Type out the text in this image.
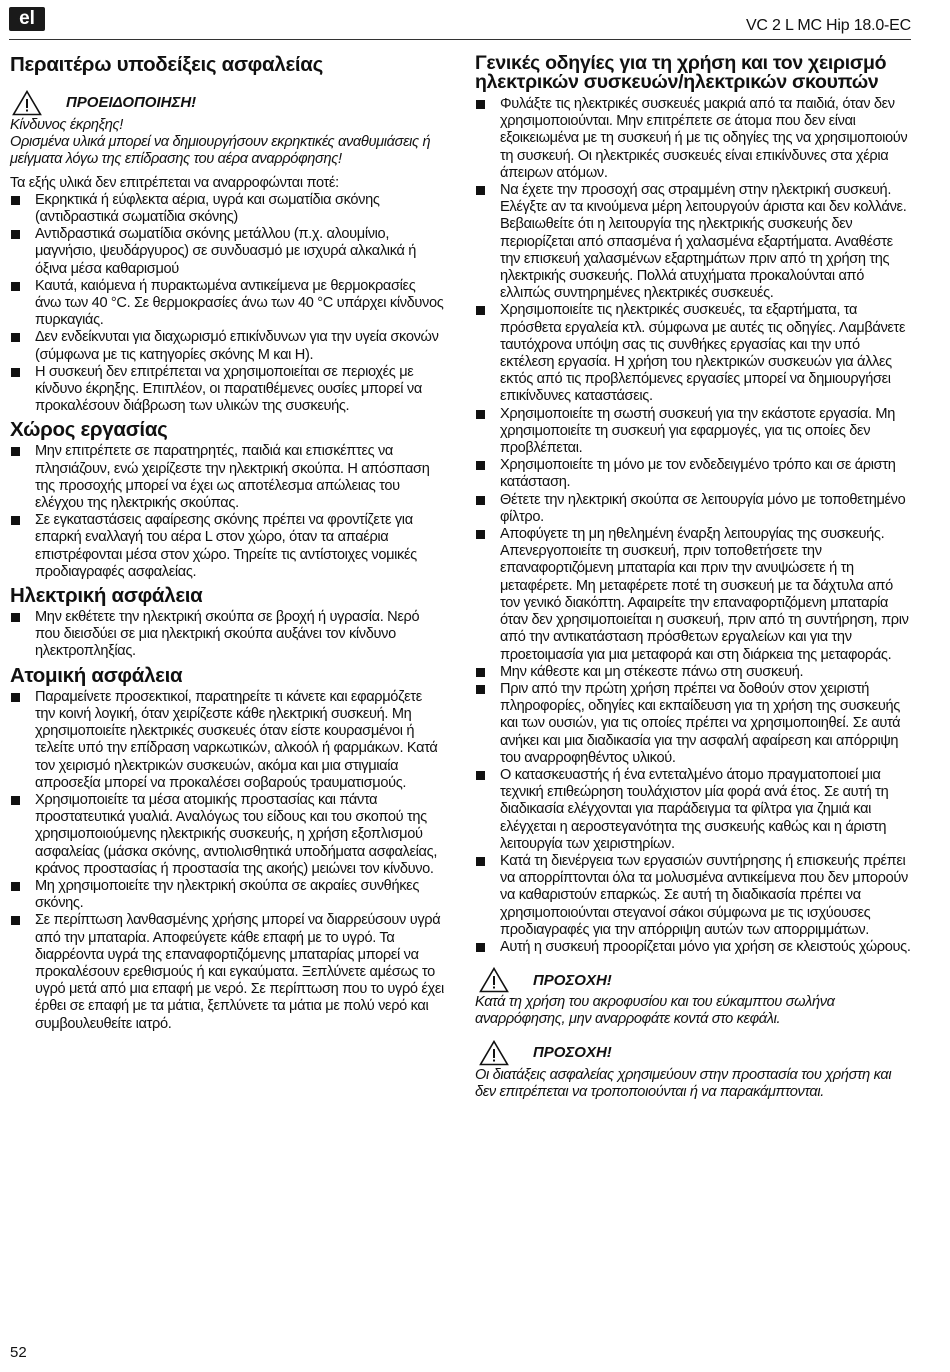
el	VC 2 L MC Hip 18.0-EC
Περαιτέρω υποδείξεις ασφαλείας
ΠΡΟΕΙΔΟΠΟΙΗΣΗ!

Κίνδυνος έκρηξης!

Ορισμένα υλικά μπορεί να δημιουργήσουν εκρηκτικές αναθυμιάσεις ή μείγματα λόγω της επίδρασης του αέρα αναρρόφησης!

Τα εξής υλικά δεν επιτρέπεται να αναρροφώνται ποτέ:

Εκρηκτικά ή εύφλεκτα αέρια, υγρά και σωματίδια σκόνης (αντιδραστικά σωματίδια σκόνης)
Αντιδραστικά σωματίδια σκόνης μετάλλου (π.χ. αλουμίνιο, μαγνήσιο, ψευδάργυρος) σε συνδυασμό με ισχυρά αλκαλικά ή όξινα μέσα καθαρισμού
Καυτά, καιόμενα ή πυρακτωμένα αντικείμενα με θερμοκρασίες άνω των 40 °C. Σε θερμοκρασίες άνω των 40 °C υπάρχει κίνδυνος πυρκαγιάς.
Δεν ενδείκνυται για διαχωρισμό επικίνδυνων για την υγεία σκονών (σύμφωνα με τις κατηγορίες σκόνης M και H).
Η συσκευή δεν επιτρέπεται να χρησιμοποιείται σε περιοχές με κίνδυνο έκρηξης. Επιπλέον, οι παρατιθέμενες ουσίες μπορεί να προκαλέσουν διάβρωση των υλικών της συσκευής.
Χώρος εργασίας
Μην επιτρέπετε σε παρατηρητές, παιδιά και επισκέπτες να πλησιάζουν, ενώ χειρίζεστε την ηλεκτρική σκούπα. Η απόσπαση της προσοχής μπορεί να έχει ως αποτέλεσμα απώλειας του ελέγχου της ηλεκτρικής σκούπας.
Σε εγκαταστάσεις αφαίρεσης σκόνης πρέπει να φροντίζετε για επαρκή εναλλαγή του αέρα L στον χώρο, όταν τα απαέρια επιστρέφονται μέσα στον χώρο. Τηρείτε τις αντίστοιχες νομικές προδιαγραφές ασφαλείας.
Ηλεκτρική ασφάλεια
Μην εκθέτετε την ηλεκτρική σκούπα σε βροχή ή υγρασία. Νερό που διεισδύει σε μια ηλεκτρική σκούπα αυξάνει τον κίνδυνο ηλεκτροπληξίας.
Ατομική ασφάλεια
Παραμείνετε προσεκτικοί, παρατηρείτε τι κάνετε και εφαρμόζετε την κοινή λογική, όταν χειρίζεστε κάθε ηλεκτρική συσκευή. Μη χρησιμοποιείτε ηλεκτρικές συσκευές όταν είστε κουρασμένοι ή τελείτε υπό την επίδραση ναρκωτικών, αλκοόλ ή φαρμάκων. Κατά τον χειρισμό ηλεκτρικών συσκευών, ακόμα και μια στιγμιαία απροσεξία μπορεί να προκαλέσει σοβαρούς τραυματισμούς.
Χρησιμοποιείτε τα μέσα ατομικής προστασίας και πάντα προστατευτικά γυαλιά. Αναλόγως του είδους και του σκοπού της χρησιμοποιούμενης ηλεκτρικής συσκευής, η χρήση εξοπλισμού ασφαλείας (μάσκα σκόνης, αντιολισθητικά υποδήματα ασφαλείας, κράνος προστασίας ή προστασία της ακοής) μειώνει τον κίνδυνο.
Μη χρησιμοποιείτε την ηλεκτρική σκούπα σε ακραίες συνθήκες σκόνης.
Σε περίπτωση λανθασμένης χρήσης μπορεί να διαρρεύσουν υγρά από την μπαταρία. Αποφεύγετε κάθε επαφή με το υγρό. Τα διαρρέοντα υγρά της επαναφορτιζόμενης μπαταρίας μπορεί να προκαλέσουν ερεθισμούς ή και εγκαύματα. Ξεπλύνετε αμέσως το υγρό μετά από μια επαφή με νερό. Σε περίπτωση που το υγρό έχει έρθει σε επαφή με τα μάτια, ξεπλύνετε τα μάτια με πολύ νερό και συμβουλευθείτε ιατρό.
Γενικές οδηγίες για τη χρήση και τον χειρισμό ηλεκτρικών συσκευών/ηλεκτρικών σκουπών
Φυλάξτε τις ηλεκτρικές συσκευές μακριά από τα παιδιά, όταν δεν χρησιμοποιούνται. Μην επιτρέπετε σε άτομα που δεν είναι εξοικειωμένα με τη συσκευή ή με τις οδηγίες της να χρησιμοποιούν τη συσκευή. Οι ηλεκτρικές συσκευές είναι επικίνδυνες στα χέρια άπειρων ατόμων.
Να έχετε την προσοχή σας στραμμένη στην ηλεκτρική συσκευή. Ελέγξτε αν τα κινούμενα μέρη λειτουργούν άριστα και δεν κολλάνε. Βεβαιωθείτε ότι η λειτουργία της ηλεκτρικής συσκευής δεν περιορίζεται από σπασμένα ή χαλασμένα εξαρτήματα. Αναθέστε την επισκευή χαλασμένων εξαρτημάτων πριν από τη χρήση της ηλεκτρικής συσκευής. Πολλά ατυχήματα προκαλούνται από ελλιπώς συντηρημένες ηλεκτρικές συσκευές.
Χρησιμοποιείτε τις ηλεκτρικές συσκευές, τα εξαρτήματα, τα πρόσθετα εργαλεία κτλ. σύμφωνα με αυτές τις οδηγίες. Λαμβάνετε ταυτόχρονα υπόψη σας τις συνθήκες εργασίας και την υπό εκτέλεση εργασία. Η χρήση του ηλεκτρικών συσκευών για άλλες εκτός από τις προβλεπόμενες εργασίες μπορεί να δημιουργήσει επικίνδυνες καταστάσεις.
Χρησιμοποιείτε τη σωστή συσκευή για την εκάστοτε εργασία. Μη χρησιμοποιείτε τη συσκευή για εφαρμογές, για τις οποίες δεν προβλέπεται.
Χρησιμοποιείτε τη μόνο με τον ενδεδειγμένο τρόπο και σε άριστη κατάσταση.
Θέτετε την ηλεκτρική σκούπα σε λειτουργία μόνο με τοποθετημένο φίλτρο.
Αποφύγετε τη μη ηθελημένη έναρξη λειτουργίας της συσκευής. Απενεργοποιείτε τη συσκευή, πριν τοποθετήσετε την επαναφορτιζόμενη μπαταρία και πριν την ανυψώσετε ή τη μεταφέρετε. Μη μεταφέρετε ποτέ τη συσκευή με τα δάχτυλα από τον γενικό διακόπτη. Αφαιρείτε την επαναφορτιζόμενη μπαταρία όταν δεν χρησιμοποιείται η συσκευή, πριν από τη συντήρηση, πριν από την αντικατάσταση πρόσθετων εργαλείων και για την προετοιμασία για μια μεταφορά και στη διάρκεια της μεταφοράς.
Μην κάθεστε και μη στέκεστε πάνω στη συσκευή.
Πριν από την πρώτη χρήση πρέπει να δοθούν στον χειριστή πληροφορίες, οδηγίες και εκπαίδευση για τη χρήση της συσκευής και των ουσιών, για τις οποίες πρέπει να χρησιμοποιηθεί. Σε αυτά ανήκει και μια διαδικασία για την ασφαλή αφαίρεση και απόρριψη του αναρροφηθέντος υλικού.
Ο κατασκευαστής ή ένα εντεταλμένο άτομο πραγματοποιεί μια τεχνική επιθεώρηση τουλάχιστον μία φορά ανά έτος. Σε αυτή τη διαδικασία ελέγχονται για παράδειγμα τα φίλτρα για ζημιά και ελέγχεται η αεροστεγανότητα της συσκευής καθώς και η άριστη λειτουργία των χειριστηρίων.
Κατά τη διενέργεια των εργασιών συντήρησης ή επισκευής πρέπει να απορρίπτονται όλα τα μολυσμένα αντικείμενα που δεν μπορούν να καθαριστούν επαρκώς. Σε αυτή τη διαδικασία πρέπει να χρησιμοποιούνται στεγανοί σάκοι σύμφωνα με τις ισχύουσες προδιαγραφές για την απόρριψη αυτών των απορριμμάτων.
Αυτή η συσκευή προορίζεται μόνο για χρήση σε κλειστούς χώρους.
ΠΡΟΣΟΧΗ!

Κατά τη χρήση του ακροφυσίου και του εύκαμπτου σωλήνα αναρρόφησης, μην αναρροφάτε κοντά στο κεφάλι.

ΠΡΟΣΟΧΗ!

Οι διατάξεις ασφαλείας χρησιμεύουν στην προστασία του χρήστη και δεν επιτρέπεται να τροποποιούνται ή να παρακάμπτονται.

52
